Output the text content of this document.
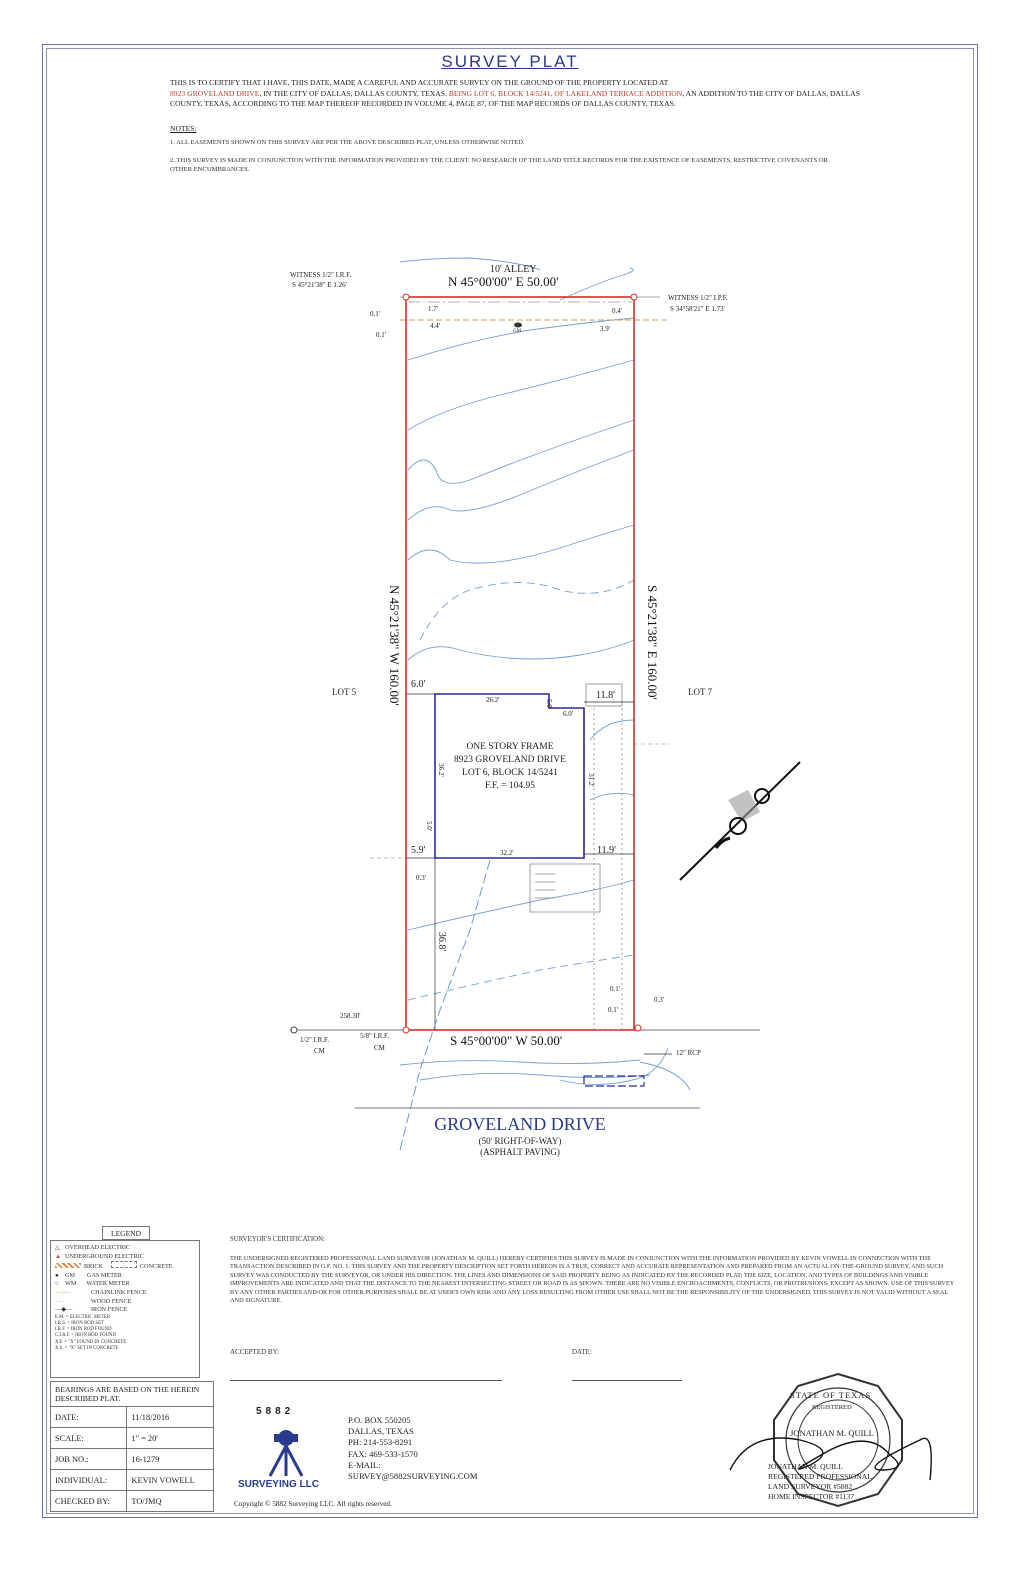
SURVEY PLAT
THIS IS TO CERTIFY THAT I HAVE, THIS DATE, MADE A CAREFUL AND ACCURATE SURVEY ON THE GROUND OF THE PROPERTY LOCATED AT
8923 GROVELAND DRIVE, IN THE CITY OF DALLAS, DALLAS COUNTY, TEXAS. BEING LOT 6, BLOCK 14/5241, OF LAKELAND TERRACE ADDITION, AN ADDITION TO THE CITY OF DALLAS, DALLAS COUNTY, TEXAS, ACCORDING TO THE MAP THEREOF RECORDED IN VOLUME 4, PAGE 87, OF THE MAP RECORDS OF DALLAS COUNTY, TEXAS.
NOTES:
1. ALL EASEMENTS SHOWN ON THIS SURVEY ARE PER THE ABOVE DESCRIBED PLAT, UNLESS OTHERWISE NOTED.
2. THIS SURVEY IS MADE IN CONJUNCTION WITH THE INFORMATION PROVIDED BY THE CLIENT. NO RESEARCH OF THE LAND TITLE RECORDS FOR THE EXISTENCE OF EASEMENTS, RESTRICTIVE COVENANTS OR OTHER ENCUMBRANCES.
10' ALLEY
N 45°00'00" E 50.00'
WITNESS 1/2" I.R.F.
S 45°21'38" E 1.26'
WITNESS 1/2" I.P.F.
S 34°58'21" E 1.73'
1.7'
4.4'
0.1'
0.1'
0.4'
3.9'
GM
N 45°21'38" W 160.00'	S 45°21'38" E 160.00'
LOT 5	LOT 7
6.0'
26.2'	5.0'
6.0'
11.8'
36.2'
31.2'
5.0'
ONE STORY FRAME
8923 GROVELAND DRIVE
LOT 6, BLOCK 14/5241
F.F. = 104.95
5.9'	32.2'	11.9'
0.3'
36.8'
0.1'
0.1'
0.3'
258.30'
1/2" I.R.F.
CM
5/8" I.R.F.
CM	S 45°00'00" W 50.00'
12" RCP
GROVELAND DRIVE
(50' RIGHT-OF-WAY)
(ASPHALT PAVING)
LEGEND
△ OVERHEAD ELECTRIC
▲ UNDERGROUND ELECTRIC
BRICK	CONCRETE
● GM GAS METER
○ WM WATER METER
—○—	CHAINLINK FENCE
- - -	WOOD FENCE
—◆—	IRON FENCE
E.M. = ELECTRIC METER
I.R.S. = IRON ROD SET
I.R.F. = IRON ROD FOUND
C.I.R.F. = IRON ROD FOUND
X.F. = "X" FOUND IN CONCRETE
X.S. = "X" SET IN CONCRETE
BEARINGS ARE BASED ON THE HEREIN DESCRIBED PLAT.	
DATE:	11/18/2016
SCALE:	1" = 20'
JOB NO.:	16-1279
INDIVIDUAL:	KEVIN VOWELL
CHECKED BY:	TO/JMQ
SURVEYOR'S CERTIFICATION:
THE UNDERSIGNED REGISTERED PROFESSIONAL LAND SURVEYOR (JONATHAN M. QUILL) HEREBY CERTIFIES THIS SURVEY IS MADE IN CONJUNCTION WITH THE INFORMATION PROVIDED BY KEVIN VOWELL IN CONNECTION WITH THE TRANSACTION DESCRIBED IN G.F. NO. 1. THIS SURVEY AND THE PROPERTY DESCRIPTION SET FORTH HEREON IS A TRUE, CORRECT AND ACCURATE REPRESENTATION AND PREPARED FROM AN ACTUAL ON-THE-GROUND SURVEY, AND SUCH SURVEY WAS CONDUCTED BY THE SURVEYOR, OR UNDER HIS DIRECTION. THE LINES AND DIMENSIONS OF SAID PROPERTY BEING AS INDICATED BY THE RECORDED PLAT; THE SIZE, LOCATION, AND TYPES OF BUILDINGS AND VISIBLE IMPROVEMENTS ARE INDICATED AND THAT THE DISTANCE TO THE NEAREST INTERSECTING STREET OR ROAD IS AS SHOWN. THERE ARE NO VISIBLE ENCROACHMENTS, CONFLICTS, OR PROTRUSIONS, EXCEPT AS SHOWN. USE OF THIS SURVEY BY ANY OTHER PARTIES AND/OR FOR OTHER PURPOSES SHALL BE AT USER'S OWN RISK AND ANY LOSS RESULTING FROM OTHER USE SHALL NOT BE THE RESPONSIBILITY OF THE UNDERSIGNED. THIS SURVEY IS NOT VALID WITHOUT A SEAL AND SIGNATURE.
ACCEPTED BY:	DATE:
5882
SURVEYING LLC
P.O. BOX 550205
DALLAS, TEXAS
PH: 214-553-8291
FAX: 469-533-1570
E-MAIL:
SURVEY@5882SURVEYING.COM
Copyright © 5882 Surveying LLC. All rights reserved.
STATE OF TEXAS
REGISTERED
JONATHAN M. QUILL
JONATHAN M. QUILL
REGISTERED PROFESSIONAL
LAND SURVEYOR #5882
HOME INSPECTOR #1137
